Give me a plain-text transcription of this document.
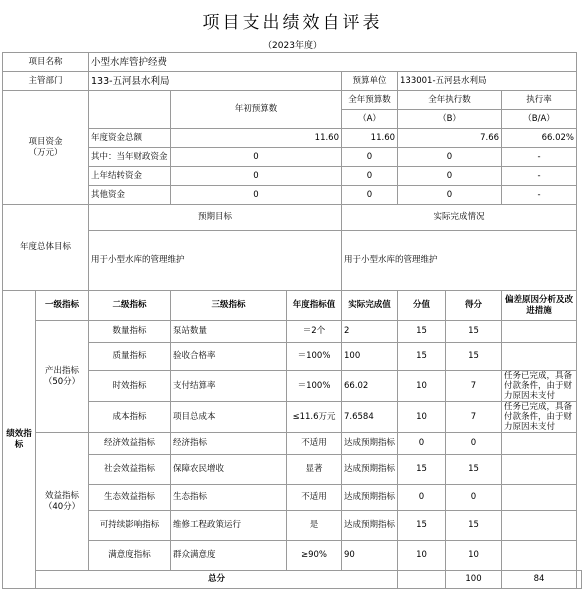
项目支出绩效自评表
（2023年度）
项目名称		小型水库管护经费							
主管部门		133-五河县水利局			预算单位	133001-五河县水利局			
项目资金
（万元）			年初预算数		全年预算数	全年执行数		执行率	
					（A）	（B）		（B/A）	
		年度资金总额	11.60		11.60	7.66		66.02%	
		其中：当年财政资金	0		0	0		-	
		上年结转资金	0		0	0		-	
		其他资金	0		0	0		-	
年度总体目标		预期目标			实际完成情况				
		用于小型水库的管理维护			用于小型水库的管理维护				
绩效指标	一级指标	二级指标	三级指标	年度指标值	实际完成值	分值	得分	偏差原因分析及改进措施	
	产出指标（50分）	数量指标	泵站数量	＝2个	2	15	15		
		质量指标	验收合格率	＝100%	100	15	15		
		时效指标	支付结算率	＝100%	66.02	10	7	任务已完成，具备付款条件，由于财力原因未支付	

		成本指标	项目总成本	≤11.6万元	7.6584	10	7	任务已完成，具备付款条件，由于财力原因未支付	

	效益指标（40分）	经济效益指标	经济指标	不适用	达成预期指标	0	0		
		社会效益指标	保障农民增收	显著	达成预期指标	15	15		
		生态效益指标	生态指标	不适用	达成预期指标	0	0		
		可持续影响指标	维修工程政策运行	是	达成预期指标	15	15		
		满意度指标	群众满意度	≥90%	90	10	10		
	总分						100	84	
